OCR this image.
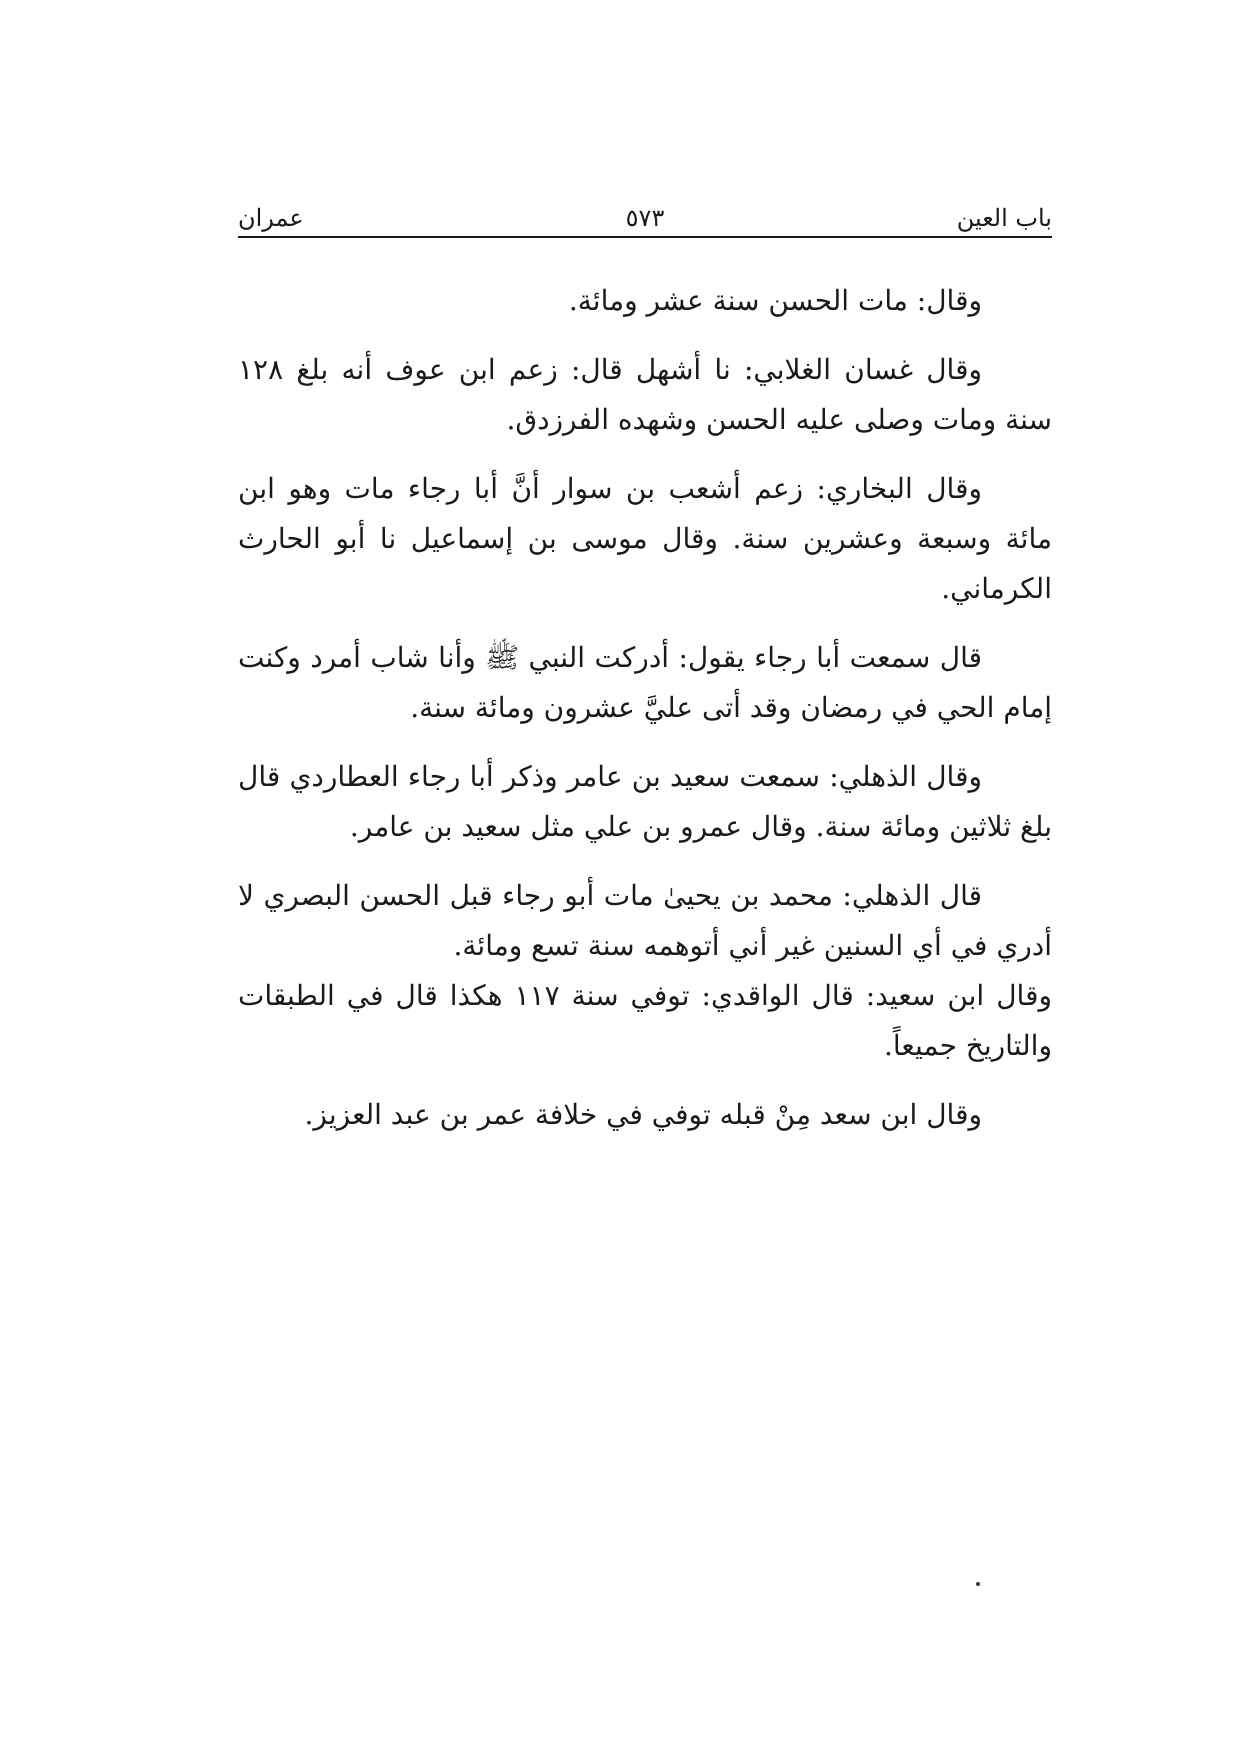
باب العين
٥٧٣
عمران

وقال: مات الحسن سنة عشر ومائة.

وقال غسان الغلابي: نا أشهل قال: زعم ابن عوف أنه بلغ ١٢٨ سنة ومات وصلى عليه الحسن وشهده الفرزدق.

وقال البخاري: زعم أشعب بن سوار أنَّ أبا رجاء مات وهو ابن مائة وسبعة وعشرين سنة. وقال موسى بن إسماعيل نا أبو الحارث الكرماني.

قال سمعت أبا رجاء يقول: أدركت النبي ﷺ وأنا شاب أمرد وكنت إمام الحي في رمضان وقد أتى عليَّ عشرون ومائة سنة.

وقال الذهلي: سمعت سعيد بن عامر وذكر أبا رجاء العطاردي قال بلغ ثلاثين ومائة سنة. وقال عمرو بن علي مثل سعيد بن عامر.

قال الذهلي: محمد بن يحيىٰ مات أبو رجاء قبل الحسن البصري لا أدري في أي السنين غير أني أتوهمه سنة تسع ومائة.

وقال ابن سعيد: قال الواقدي: توفي سنة ١١٧ هكذا قال في الطبقات والتاريخ جميعاً.

وقال ابن سعد مِنْ قبله توفي في خلافة عمر بن عبد العزيز.
